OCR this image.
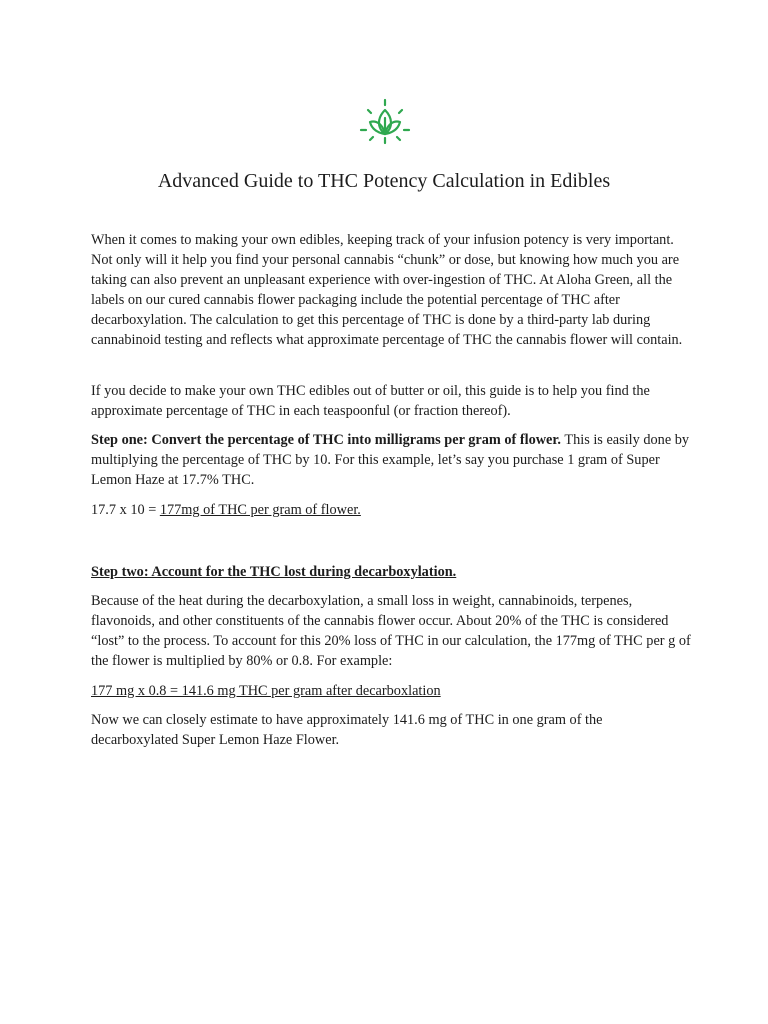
Advanced Guide to THC Potency Calculation in Edibles

When it comes to making your own edibles, keeping track of your infusion potency is very important. Not only will it help you find your personal cannabis “chunk” or dose, but knowing how much you are taking can also prevent an unpleasant experience with over-ingestion of THC. At Aloha Green, all the labels on our cured cannabis flower packaging include the potential percentage of THC after decarboxylation. The calculation to get this percentage of THC is done by a third-party lab during cannabinoid testing and reflects what approximate percentage of THC the cannabis flower will contain.

If you decide to make your own THC edibles out of butter or oil, this guide is to help you find the approximate percentage of THC in each teaspoonful (or fraction thereof).

Step one: Convert the percentage of THC into milligrams per gram of flower. This is easily done by multiplying the percentage of THC by 10. For this example, let’s say you purchase 1 gram of Super Lemon Haze at 17.7% THC.

17.7 x 10 = 177mg of THC per gram of flower.

Step two: Account for the THC lost during decarboxylation.

Because of the heat during the decarboxylation, a small loss in weight, cannabinoids, terpenes, flavonoids, and other constituents of the cannabis flower occur. About 20% of the THC is considered “lost” to the process. To account for this 20% loss of THC in our calculation, the 177mg of THC per g of the flower is multiplied by 80% or 0.8. For example:

177 mg x 0.8 = 141.6 mg THC per gram after decarboxlation

Now we can closely estimate to have approximately 141.6 mg of THC in one gram of the decarboxylated Super Lemon Haze Flower.
